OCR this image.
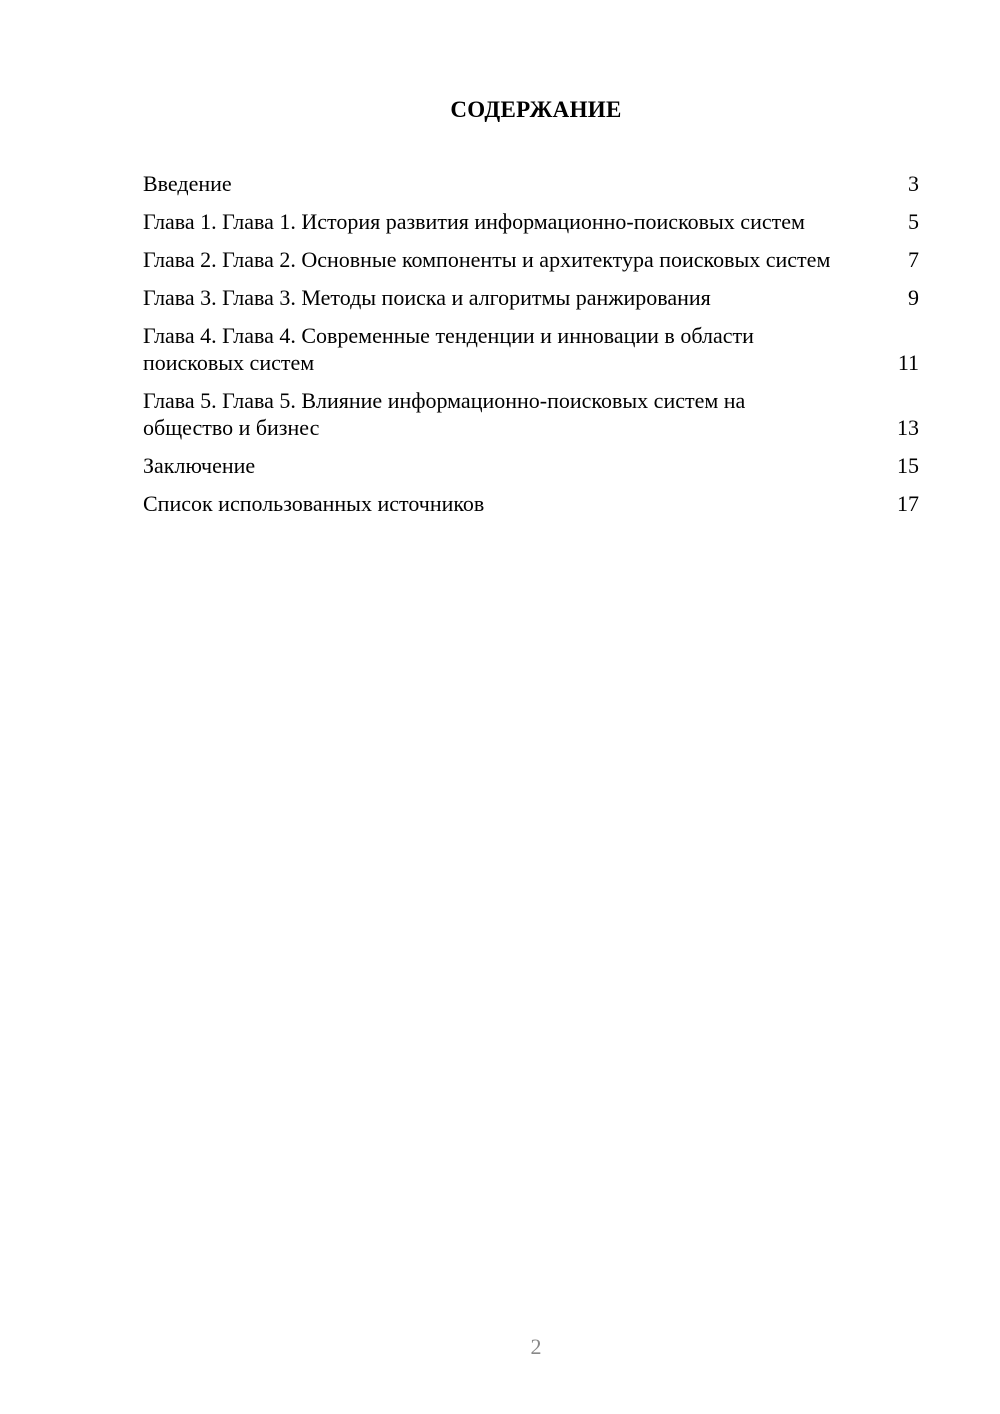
СОДЕРЖАНИЕ
Введение	3
Глава 1. Глава 1. История развития информационно-поисковых систем	5
Глава 2. Глава 2. Основные компоненты и архитектура поисковых систем	7
Глава 3. Глава 3. Методы поиска и алгоритмы ранжирования	9
Глава 4. Глава 4. Современные тенденции и инновации в области поисковых систем	11
Глава 5. Глава 5. Влияние информационно-поисковых систем на общество и бизнес	13
Заключение	15
Список использованных источников	17
2
